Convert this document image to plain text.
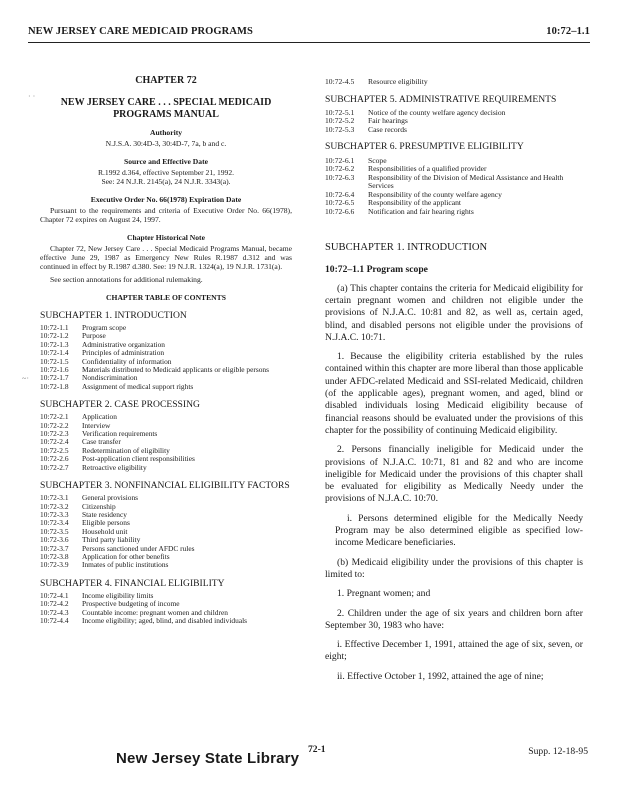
NEW JERSEY CARE MEDICAID PROGRAMS	10:72–1.1
· ·
~·
CHAPTER 72
NEW JERSEY CARE . . . SPECIAL MEDICAID PROGRAMS MANUAL
Authority
N.J.S.A. 30:4D-3, 30:4D-7, 7a, b and c.
Source and Effective Date
R.1992 d.364, effective September 21, 1992.
See: 24 N.J.R. 2145(a), 24 N.J.R. 3343(a).
Executive Order No. 66(1978) Expiration Date
Pursuant to the requirements and criteria of Executive Order No. 66(1978), Chapter 72 expires on August 24, 1997.
Chapter Historical Note
Chapter 72, New Jersey Care . . . Special Medicaid Programs Manual, became effective June 29, 1987 as Emergency New Rules R.1987 d.312 and was continued in effect by R.1987 d.380. See: 19 N.J.R. 1324(a), 19 N.J.R. 1731(a).
See section annotations for additional rulemaking.
CHAPTER TABLE OF CONTENTS
SUBCHAPTER 1. INTRODUCTION
10:72-1.1	Program scope
10:72-1.2	Purpose
10:72-1.3	Administrative organization
10:72-1.4	Principles of administration
10:72-1.5	Confidentiality of information
10:72-1.6	Materials distributed to Medicaid applicants or eligible persons
10:72-1.7	Nondiscrimination
10:72-1.8	Assignment of medical support rights
SUBCHAPTER 2. CASE PROCESSING
10:72-2.1	Application
10:72-2.2	Interview
10:72-2.3	Verification requirements
10:72-2.4	Case transfer
10:72-2.5	Redetermination of eligibility
10:72-2.6	Post-application client responsibilities
10:72-2.7	Retroactive eligibility
SUBCHAPTER 3. NONFINANCIAL ELIGIBILITY FACTORS
10:72-3.1	General provisions
10:72-3.2	Citizenship
10:72-3.3	State residency
10:72-3.4	Eligible persons
10:72-3.5	Household unit
10:72-3.6	Third party liability
10:72-3.7	Persons sanctioned under AFDC rules
10:72-3.8	Application for other benefits
10:72-3.9	Inmates of public institutions
SUBCHAPTER 4. FINANCIAL ELIGIBILITY
10:72-4.1	Income eligibility limits
10:72-4.2	Prospective budgeting of income
10:72-4.3	Countable income: pregnant women and children
10:72-4.4	Income eligibility; aged, blind, and disabled individuals
10:72-4.5	Resource eligibility
SUBCHAPTER 5. ADMINISTRATIVE REQUIREMENTS
10:72-5.1	Notice of the county welfare agency decision
10:72-5.2	Fair hearings
10:72-5.3	Case records
SUBCHAPTER 6. PRESUMPTIVE ELIGIBILITY
10:72-6.1	Scope
10:72-6.2	Responsibilities of a qualified provider
10:72-6.3	Responsibility of the Division of Medical Assistance and Health Services
10:72-6.4	Responsibility of the county welfare agency
10:72-6.5	Responsibility of the applicant
10:72-6.6	Notification and fair hearing rights
SUBCHAPTER 1. INTRODUCTION
10:72–1.1 Program scope
(a) This chapter contains the criteria for Medicaid eligibility for certain pregnant women and children not eligible under the provisions of N.J.A.C. 10:81 and 82, as well as, certain aged, blind, and disabled persons not eligible under the provisions of N.J.A.C. 10:71.
1. Because the eligibility criteria established by the rules contained within this chapter are more liberal than those applicable under AFDC-related Medicaid and SSI-related Medicaid, children (of the applicable ages), pregnant women, and aged, blind or disabled individuals losing Medicaid eligibility because of financial reasons should be evaluated under the provisions of this chapter for the possibility of continuing Medicaid eligibility.
2. Persons financially ineligible for Medicaid under the provisions of N.J.A.C. 10:71, 81 and 82 and who are income ineligible for Medicaid under the provisions of this chapter shall be evaluated for eligibility as Medically Needy under the provisions of N.J.A.C. 10:70.
i. Persons determined eligible for the Medically Needy Program may be also determined eligible as specified low-income Medicare beneficiaries.
(b) Medicaid eligibility under the provisions of this chapter is limited to:
1. Pregnant women; and
2. Children under the age of six years and children born after September 30, 1983 who have:
i. Effective December 1, 1991, attained the age of six, seven, or eight;
ii. Effective October 1, 1992, attained the age of nine;
New Jersey State Library
72-1	Supp. 12-18-95
